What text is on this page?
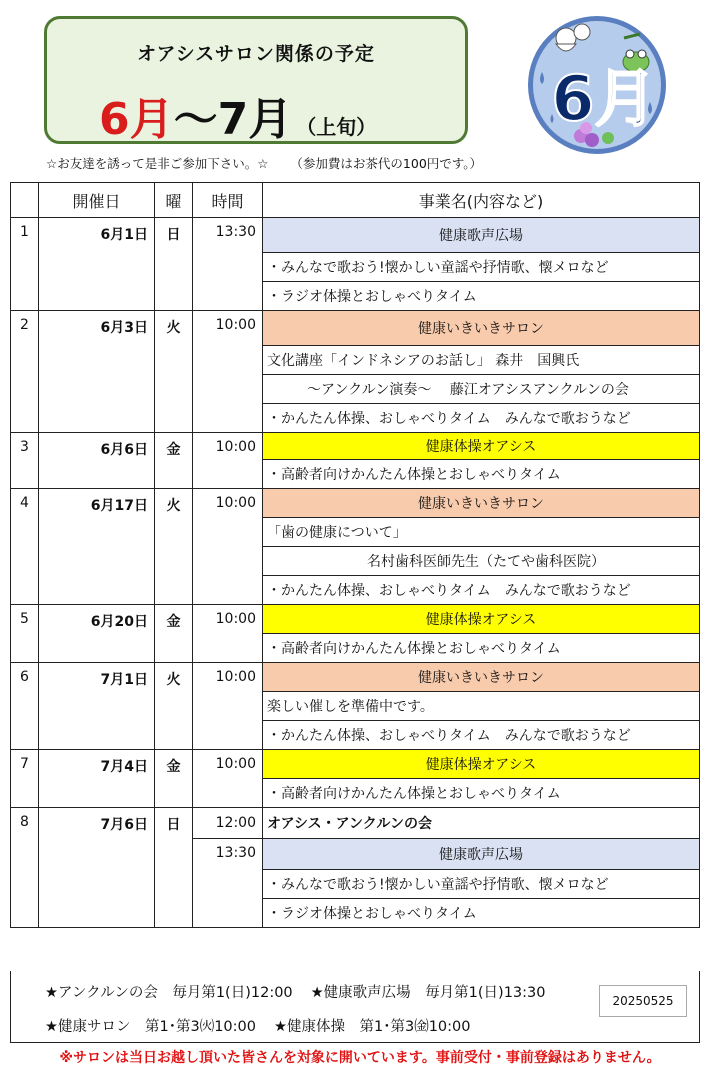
オアシスサロン関係の予定
6月～7月 （上旬）	6月
☆お友達を誘って是非ご参加下さい。☆ （参加費はお茶代の100円です。）
	開催日	曜	時間	事業名(内容など)
1	6月1日	日	13:30	健康歌声広場
				・みんなで歌おう!懐かしい童謡や抒情歌、懐メロなど
				・ラジオ体操とおしゃべりタイム
2	6月3日	火	10:00	健康いきいきサロン
				文化講座「インドネシアのお話し」 森井　国興氏
				～アンクルン演奏～　 藤江オアシスアンクルンの会
				・かんたん体操、おしゃべりタイム　みんなで歌おうなど
3	6月6日	金	10:00	健康体操オアシス
				・高齢者向けかんたん体操とおしゃべりタイム
4	6月17日	火	10:00	健康いきいきサロン
				「歯の健康について」
				名村歯科医師先生（たてや歯科医院）
				・かんたん体操、おしゃべりタイム　みんなで歌おうなど
5	6月20日	金	10:00	健康体操オアシス
				・高齢者向けかんたん体操とおしゃべりタイム
6	7月1日	火	10:00	健康いきいきサロン
				楽しい催しを準備中です。
				・かんたん体操、おしゃべりタイム　みんなで歌おうなど
7	7月4日	金	10:00	健康体操オアシス
				・高齢者向けかんたん体操とおしゃべりタイム
8	7月6日	日	12:00	オアシス・アンクルンの会
			13:30	健康歌声広場
				・みんなで歌おう!懐かしい童謡や抒情歌、懐メロなど
				・ラジオ体操とおしゃべりタイム
★アンクルンの会　毎月第1(日)12:00 ★健康歌声広場　毎月第1(日)13:30
★健康サロン　第1･第3㈫10:00 ★健康体操　第1･第3㈮10:00
20250525
※サロンは当日お越し頂いた皆さんを対象に開いています。事前受付・事前登録はありません。
